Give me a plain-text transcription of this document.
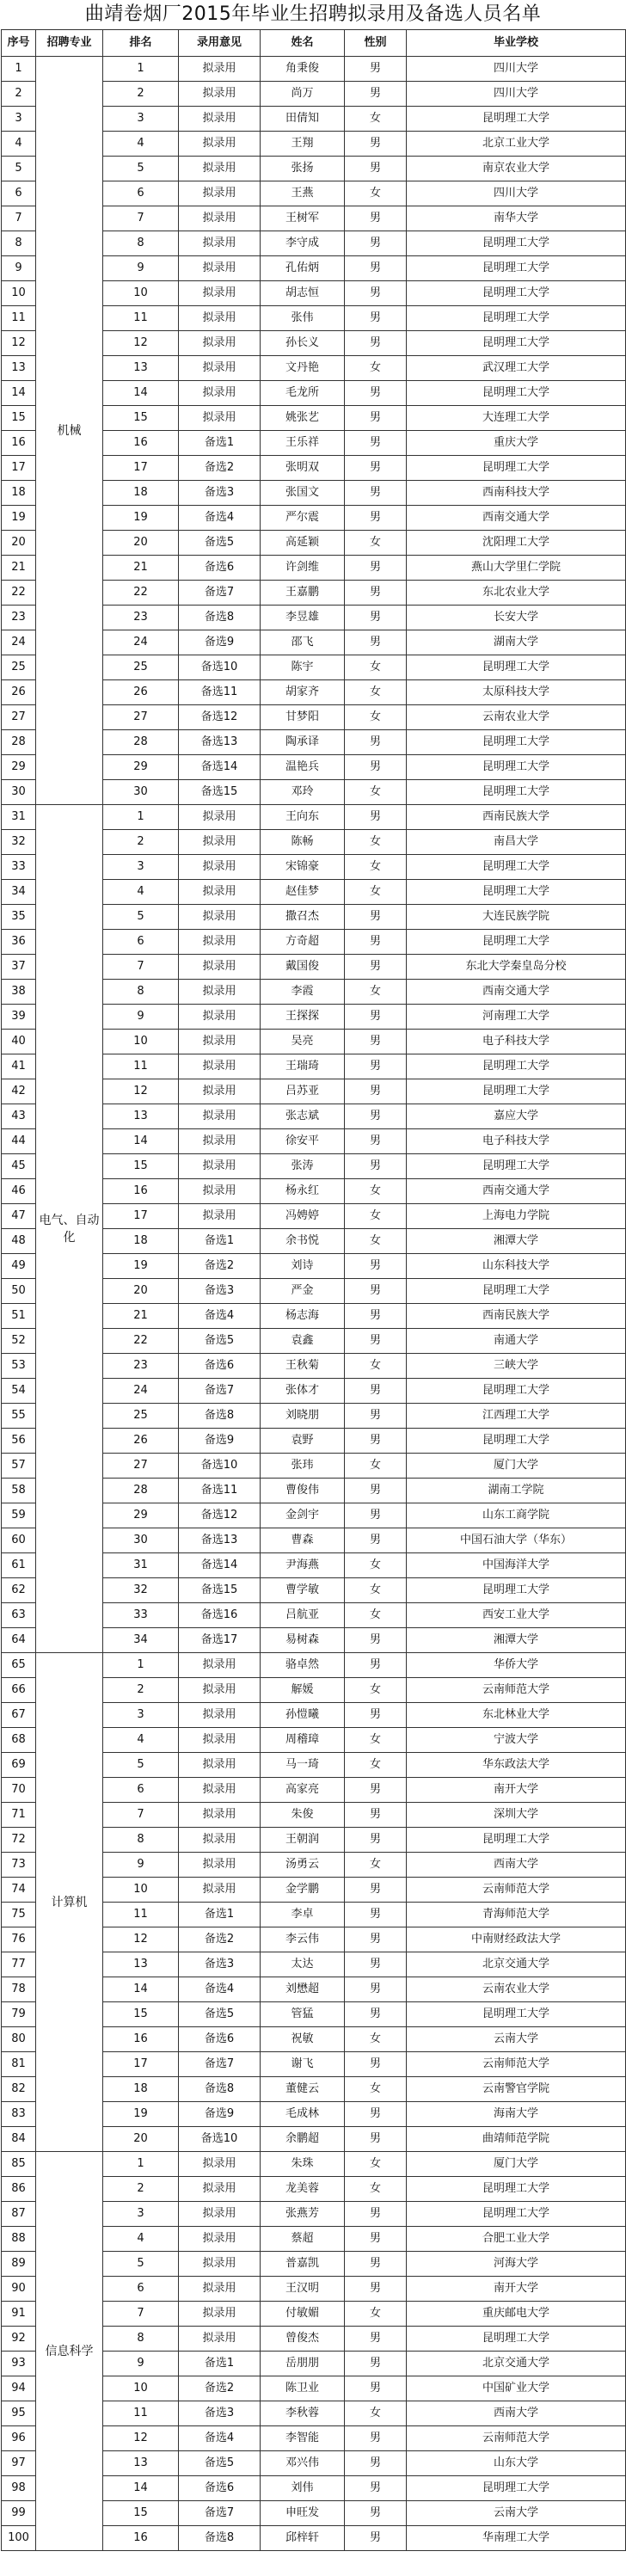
曲靖卷烟厂2015年毕业生招聘拟录用及备选人员名单
序号	招聘专业	排名	录用意见	姓名	性别	毕业学校
1	机械	1	拟录用	角秉俊	男	四川大学
2		2	拟录用	尚万	男	四川大学
3		3	拟录用	田倩知	女	昆明理工大学
4		4	拟录用	王翔	男	北京工业大学
5		5	拟录用	张扬	男	南京农业大学
6		6	拟录用	王燕	女	四川大学
7		7	拟录用	王树军	男	南华大学
8		8	拟录用	李守成	男	昆明理工大学
9		9	拟录用	孔佑炳	男	昆明理工大学
10		10	拟录用	胡志恒	男	昆明理工大学
11		11	拟录用	张伟	男	昆明理工大学
12		12	拟录用	孙长义	男	昆明理工大学
13		13	拟录用	文丹艳	女	武汉理工大学
14		14	拟录用	毛龙所	男	昆明理工大学
15		15	拟录用	姚张艺	男	大连理工大学
16		16	备选1	王乐祥	男	重庆大学
17		17	备选2	张明双	男	昆明理工大学
18		18	备选3	张国文	男	西南科技大学
19		19	备选4	严尔震	男	西南交通大学
20		20	备选5	高延颖	女	沈阳理工大学
21		21	备选6	许剑维	男	燕山大学里仁学院
22		22	备选7	王嘉鹏	男	东北农业大学
23		23	备选8	李昱雄	男	长安大学
24		24	备选9	邵飞	男	湖南大学
25		25	备选10	陈宇	女	昆明理工大学
26		26	备选11	胡家齐	女	太原科技大学
27		27	备选12	甘梦阳	女	云南农业大学
28		28	备选13	陶承译	男	昆明理工大学
29		29	备选14	温艳兵	男	昆明理工大学
30		30	备选15	邓玲	女	昆明理工大学
31	电气、自动化	1	拟录用	王向东	男	西南民族大学
32		2	拟录用	陈畅	女	南昌大学
33		3	拟录用	宋锦豪	女	昆明理工大学
34		4	拟录用	赵佳梦	女	昆明理工大学
35		5	拟录用	撒召杰	男	大连民族学院
36		6	拟录用	方奇超	男	昆明理工大学
37		7	拟录用	戴国俊	男	东北大学秦皇岛分校
38		8	拟录用	李霞	女	西南交通大学
39		9	拟录用	王探探	男	河南理工大学
40		10	拟录用	吴亮	男	电子科技大学
41		11	拟录用	王瑞琦	男	昆明理工大学
42		12	拟录用	吕苏亚	男	昆明理工大学
43		13	拟录用	张志斌	男	嘉应大学
44		14	拟录用	徐安平	男	电子科技大学
45		15	拟录用	张涛	男	昆明理工大学
46		16	拟录用	杨永红	女	西南交通大学
47		17	拟录用	冯娉婷	女	上海电力学院
48		18	备选1	余书悦	女	湘潭大学
49		19	备选2	刘诗	男	山东科技大学
50		20	备选3	严金	男	昆明理工大学
51		21	备选4	杨志海	男	西南民族大学
52		22	备选5	袁鑫	男	南通大学
53		23	备选6	王秋菊	女	三峡大学
54		24	备选7	张体才	男	昆明理工大学
55		25	备选8	刘晓朋	男	江西理工大学
56		26	备选9	袁野	男	昆明理工大学
57		27	备选10	张玮	女	厦门大学
58		28	备选11	曹俊伟	男	湖南工学院
59		29	备选12	金剑宇	男	山东工商学院
60		30	备选13	曹森	男	中国石油大学（华东）
61		31	备选14	尹海燕	女	中国海洋大学
62		32	备选15	曹学敏	女	昆明理工大学
63		33	备选16	吕航亚	女	西安工业大学
64		34	备选17	易树森	男	湘潭大学
65	计算机	1	拟录用	骆卓然	男	华侨大学
66		2	拟录用	解媛	女	云南师范大学
67		3	拟录用	孙愷曦	男	东北林业大学
68		4	拟录用	周稽璋	女	宁波大学
69		5	拟录用	马一琦	女	华东政法大学
70		6	拟录用	高家亮	男	南开大学
71		7	拟录用	朱俊	男	深圳大学
72		8	拟录用	王朝润	男	昆明理工大学
73		9	拟录用	汤勇云	女	西南大学
74		10	拟录用	金学鹏	男	云南师范大学
75		11	备选1	李卓	男	青海师范大学
76		12	备选2	李云伟	男	中南财经政法大学
77		13	备选3	太达	男	北京交通大学
78		14	备选4	刘懋超	男	云南农业大学
79		15	备选5	管猛	男	昆明理工大学
80		16	备选6	祝敏	女	云南大学
81		17	备选7	谢飞	男	云南师范大学
82		18	备选8	董健云	女	云南警官学院
83		19	备选9	毛成林	男	海南大学
84		20	备选10	余鹏超	男	曲靖师范学院
85	信息科学	1	拟录用	朱珠	女	厦门大学
86		2	拟录用	龙美蓉	女	昆明理工大学
87		3	拟录用	张燕芳	男	昆明理工大学
88		4	拟录用	蔡超	男	合肥工业大学
89		5	拟录用	普嘉凯	男	河海大学
90		6	拟录用	王汉明	男	南开大学
91		7	拟录用	付敏媚	女	重庆邮电大学
92		8	拟录用	曾俊杰	男	昆明理工大学
93		9	备选1	岳朋朋	男	北京交通大学
94		10	备选2	陈卫业	男	中国矿业大学
95		11	备选3	李秋蓉	女	西南大学
96		12	备选4	李智能	男	云南师范大学
97		13	备选5	邓兴伟	男	山东大学
98		14	备选6	刘伟	男	昆明理工大学
99		15	备选7	申旺发	男	云南大学
100		16	备选8	邱梓轩	男	华南理工大学
